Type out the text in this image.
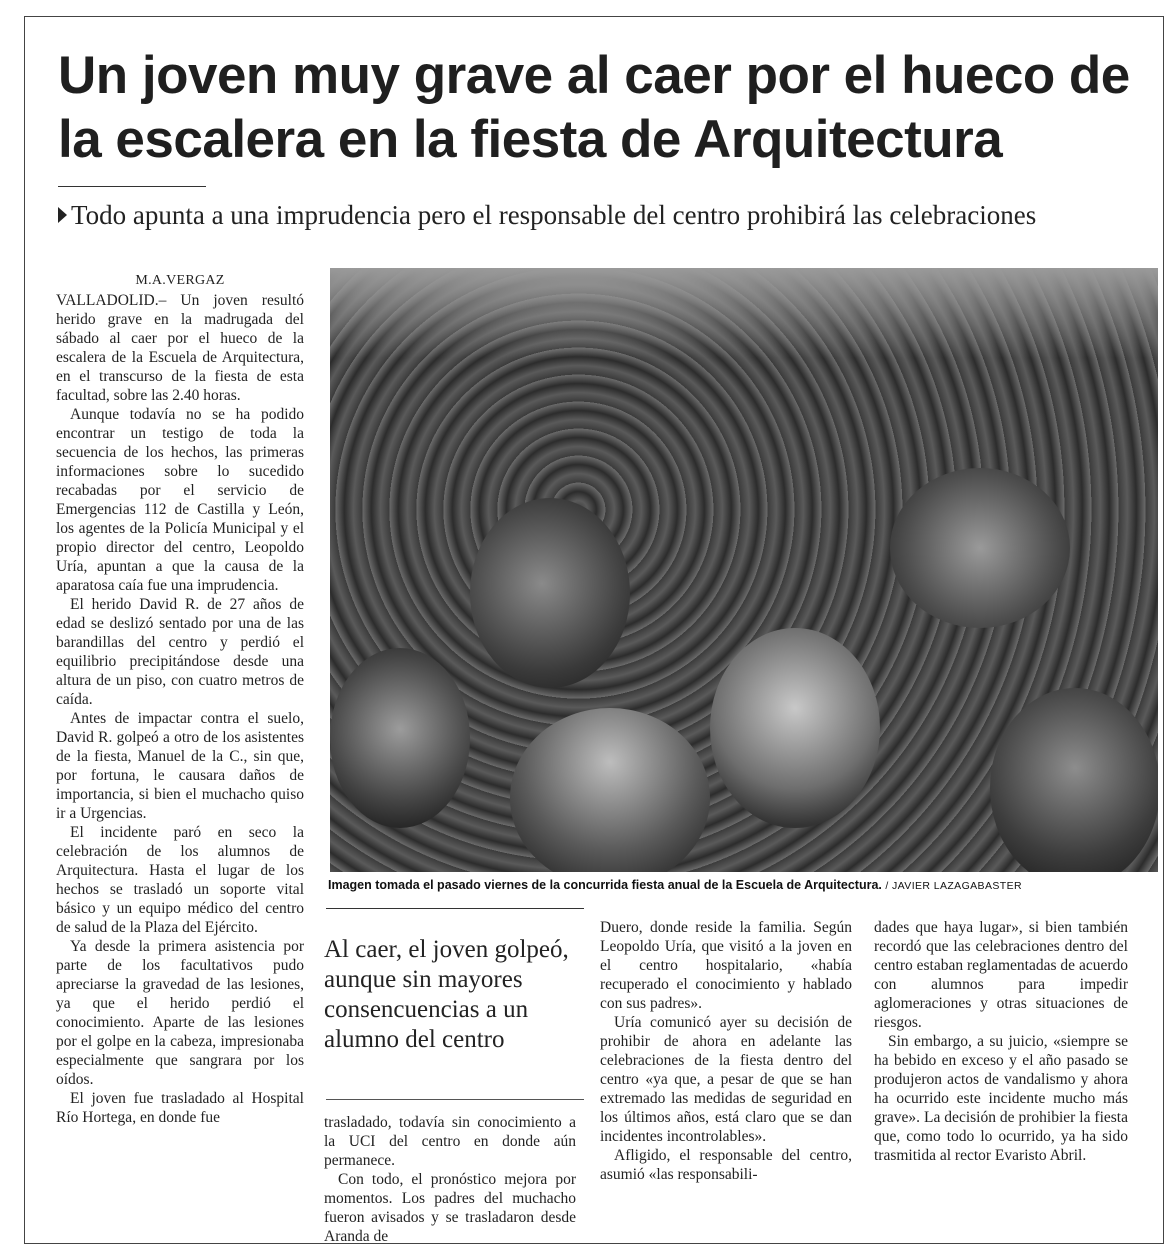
Un joven muy grave al caer por el hueco de
la escalera en la fiesta de Arquitectura
Todo apunta a una imprudencia pero el responsable del centro prohibirá las celebraciones
M.A.VERGAZ

VALLADOLID.– Un joven resultó herido grave en la madrugada del sábado al caer por el hueco de la escalera de la Escuela de Arquitectura, en el transcurso de la fiesta de esta facultad, sobre las 2.40 horas.

Aunque todavía no se ha podido encontrar un testigo de toda la secuencia de los hechos, las primeras informaciones sobre lo sucedido recabadas por el servicio de Emergencias 112 de Castilla y León, los agentes de la Policía Municipal y el propio director del centro, Leopoldo Uría, apuntan a que la causa de la aparatosa caía fue una imprudencia.

El herido David R. de 27 años de edad se deslizó sentado por una de las barandillas del centro y perdió el equilibrio precipitándose desde una altura de un piso, con cuatro metros de caída.

Antes de impactar contra el suelo, David R. golpeó a otro de los asistentes de la fiesta, Manuel de la C., sin que, por fortuna, le causara daños de importancia, si bien el muchacho quiso ir a Urgencias.

El incidente paró en seco la celebración de los alumnos de Arquitectura. Hasta el lugar de los hechos se trasladó un soporte vital básico y un equipo médico del centro de salud de la Plaza del Ejército.

Ya desde la primera asistencia por parte de los facultativos pudo apreciarse la gravedad de las lesiones, ya que el herido perdió el conocimiento. Aparte de las lesiones por el golpe en la cabeza, impresionaba especialmente que sangrara por los oídos.

El joven fue trasladado al Hospital Río Hortega, en donde fue

Imagen tomada el pasado viernes de la concurrida fiesta anual de la Escuela de Arquitectura. / JAVIER LAZAGABASTER
Al caer, el joven golpeó, aunque sin mayores consencuencias a un alumno del centro

trasladado, todavía sin conocimiento a la UCI del centro en donde aún permanece.

Con todo, el pronóstico mejora por momentos. Los padres del muchacho fueron avisados y se trasladaron desde Aranda de

Duero, donde reside la familia. Según Leopoldo Uría, que visitó a la joven en el centro hospitalario, «había recuperado el conocimiento y hablado con sus padres».

Uría comunicó ayer su decisión de prohibir de ahora en adelante las celebraciones de la fiesta dentro del centro «ya que, a pesar de que se han extremado las medidas de seguridad en los últimos años, está claro que se dan incidentes incontrolables».

Afligido, el responsable del centro, asumió «las responsabili-

dades que haya lugar», si bien también recordó que las celebraciones dentro del centro estaban reglamentadas de acuerdo con alumnos para impedir aglomeraciones y otras situaciones de riesgos.

Sin embargo, a su juicio, «siempre se ha bebido en exceso y el año pasado se produjeron actos de vandalismo y ahora ha ocurrido este incidente mucho más grave». La decisión de prohibier la fiesta que, como todo lo ocurrido, ya ha sido trasmitida al rector Evaristo Abril.
